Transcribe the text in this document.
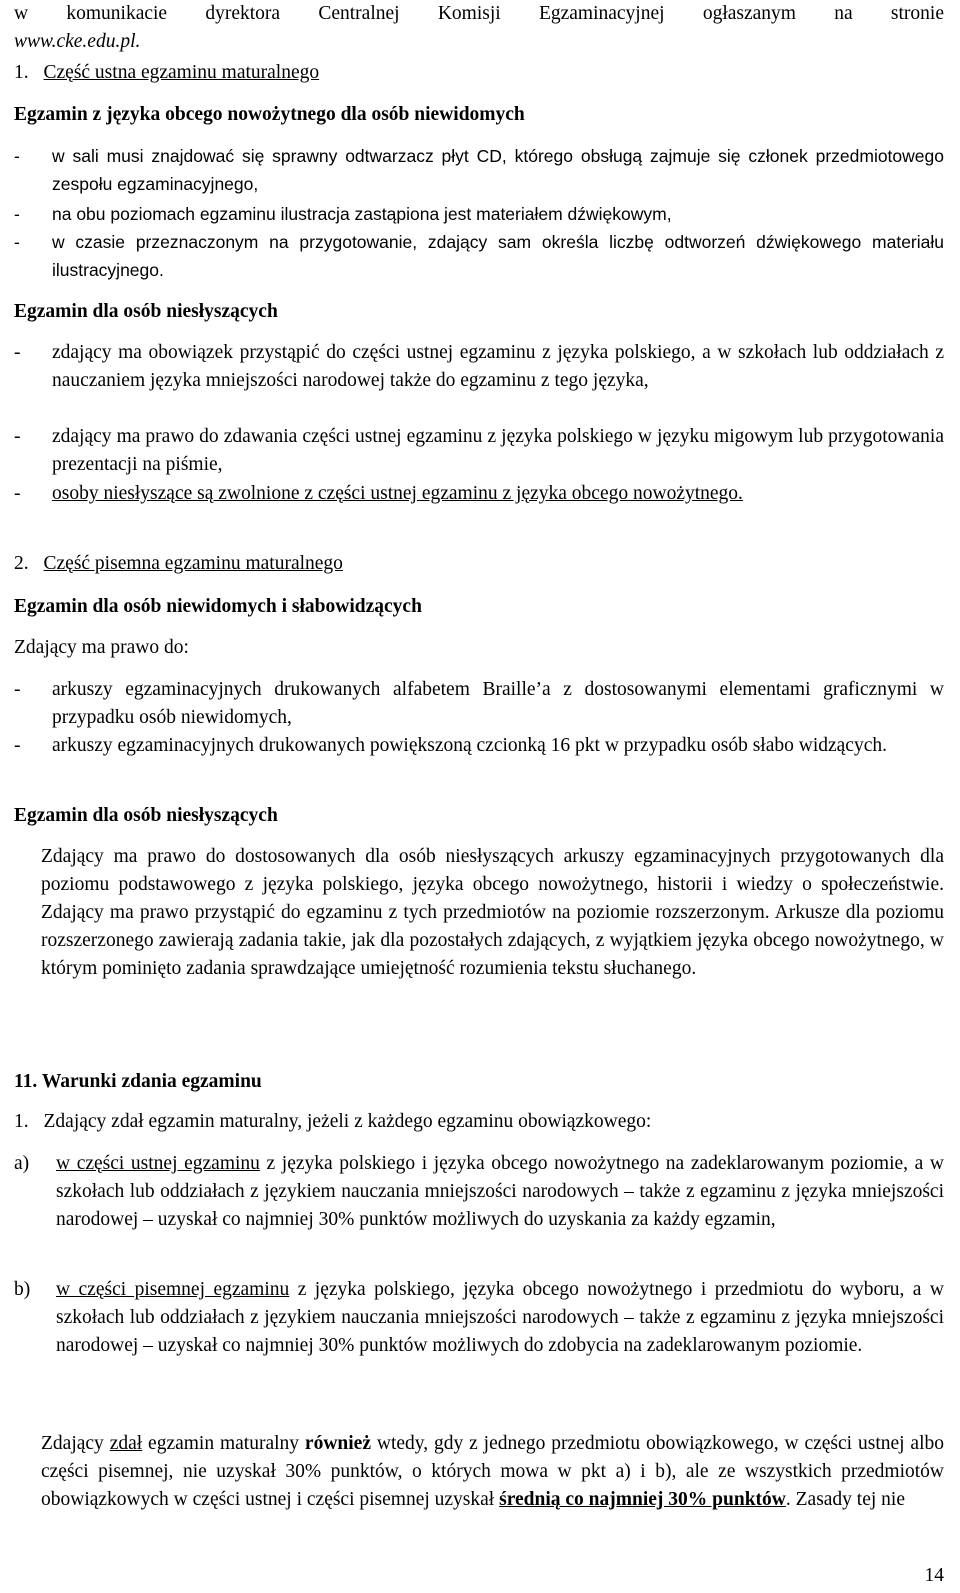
w komunikacie dyrektora Centralnej Komisji Egzaminacyjnej ogłaszanym na stronie
www.cke.edu.pl.
1. Część ustna egzaminu maturalnego
Egzamin z języka obcego nowożytnego dla osób niewidomych
- w sali musi znajdować się sprawny odtwarzacz płyt CD, którego obsługą zajmuje się członek przedmiotowego zespołu egzaminacyjnego,
- na obu poziomach egzaminu ilustracja zastąpiona jest materiałem dźwiękowym,
- w czasie przeznaczonym na przygotowanie, zdający sam określa liczbę odtworzeń dźwiękowego materiału ilustracyjnego.
Egzamin dla osób niesłyszących
- zdający ma obowiązek przystąpić do części ustnej egzaminu z języka polskiego, a w szkołach lub oddziałach z nauczaniem języka mniejszości narodowej także do egzaminu z tego języka,
- zdający ma prawo do zdawania części ustnej egzaminu z języka polskiego w języku migowym lub przygotowania prezentacji na piśmie,
- osoby niesłyszące są zwolnione z części ustnej egzaminu z języka obcego nowożytnego.
2. Część pisemna egzaminu maturalnego
Egzamin dla osób niewidomych i słabowidzących
Zdający ma prawo do:
- arkuszy egzaminacyjnych drukowanych alfabetem Braille’a z dostosowanymi elementami graficznymi w przypadku osób niewidomych,
- arkuszy egzaminacyjnych drukowanych powiększoną czcionką 16 pkt w przypadku osób słabo widzących.
Egzamin dla osób niesłyszących
Zdający ma prawo do dostosowanych dla osób niesłyszących arkuszy egzaminacyjnych przygotowanych dla poziomu podstawowego z języka polskiego, języka obcego nowożytnego, historii i wiedzy o społeczeństwie. Zdający ma prawo przystąpić do egzaminu z tych przedmiotów na poziomie rozszerzonym. Arkusze dla poziomu rozszerzonego zawierają zadania takie, jak dla pozostałych zdających, z wyjątkiem języka obcego nowożytnego, w którym pominięto zadania sprawdzające umiejętność rozumienia tekstu słuchanego.
11. Warunki zdania egzaminu
1. Zdający zdał egzamin maturalny, jeżeli z każdego egzaminu obowiązkowego:
a) w części ustnej egzaminu z języka polskiego i języka obcego nowożytnego na zadeklarowanym poziomie, a w szkołach lub oddziałach z językiem nauczania mniejszości narodowych – także z egzaminu z języka mniejszości narodowej – uzyskał co najmniej 30% punktów możliwych do uzyskania za każdy egzamin,
b) w części pisemnej egzaminu z języka polskiego, języka obcego nowożytnego i przedmiotu do wyboru, a w szkołach lub oddziałach z językiem nauczania mniejszości narodowych – także z egzaminu z języka mniejszości narodowej – uzyskał co najmniej 30% punktów możliwych do zdobycia na zadeklarowanym poziomie.
Zdający zdał egzamin maturalny również wtedy, gdy z jednego przedmiotu obowiązkowego, w części ustnej albo części pisemnej, nie uzyskał 30% punktów, o których mowa w pkt a) i b), ale ze wszystkich przedmiotów obowiązkowych w części ustnej i części pisemnej uzyskał średnią co najmniej 30% punktów. Zasady tej nie
14
